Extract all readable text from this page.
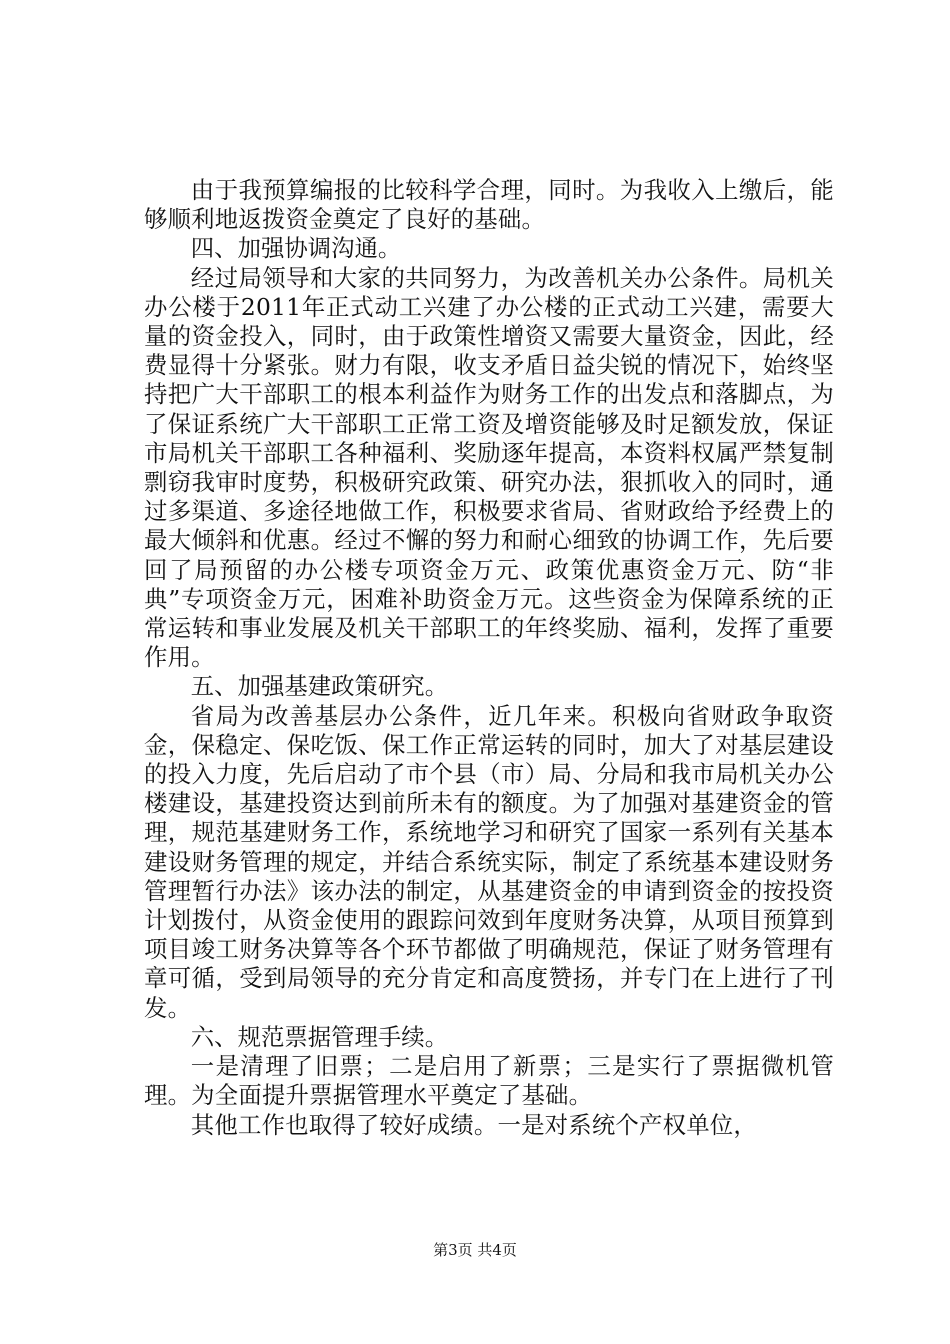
由于我预算编报的比较科学合理，同时。为我收入上缴后，能够顺利地返拨资金奠定了良好的基础。

四、加强协调沟通。

经过局领导和大家的共同努力，为改善机关办公条件。局机关办公楼于2011年正式动工兴建了办公楼的正式动工兴建，需要大量的资金投入，同时，由于政策性增资又需要大量资金，因此，经费显得十分紧张。财力有限，收支矛盾日益尖锐的情况下，始终坚持把广大干部职工的根本利益作为财务工作的出发点和落脚点，为了保证系统广大干部职工正常工资及增资能够及时足额发放，保证市局机关干部职工各种福利、奖励逐年提高，本资料权属严禁复制剽窃我审时度势，积极研究政策、研究办法，狠抓收入的同时，通过多渠道、多途径地做工作，积极要求省局、省财政给予经费上的最大倾斜和优惠。经过不懈的努力和耐心细致的协调工作，先后要回了局预留的办公楼专项资金万元、政策优惠资金万元、防“非典”专项资金万元，困难补助资金万元。这些资金为保障系统的正常运转和事业发展及机关干部职工的年终奖励、福利，发挥了重要作用。

五、加强基建政策研究。

省局为改善基层办公条件，近几年来。积极向省财政争取资金，保稳定、保吃饭、保工作正常运转的同时，加大了对基层建设的投入力度，先后启动了市个县（市）局、分局和我市局机关办公楼建设，基建投资达到前所未有的额度。为了加强对基建资金的管理，规范基建财务工作，系统地学习和研究了国家一系列有关基本建设财务管理的规定，并结合系统实际，制定了系统基本建设财务管理暂行办法》该办法的制定，从基建资金的申请到资金的按投资计划拨付，从资金使用的跟踪问效到年度财务决算，从项目预算到项目竣工财务决算等各个环节都做了明确规范，保证了财务管理有章可循，受到局领导的充分肯定和高度赞扬，并专门在上进行了刊发。

六、规范票据管理手续。

一是清理了旧票；二是启用了新票；三是实行了票据微机管理。为全面提升票据管理水平奠定了基础。

其他工作也取得了较好成绩。一是对系统个产权单位，

第3页 共4页
